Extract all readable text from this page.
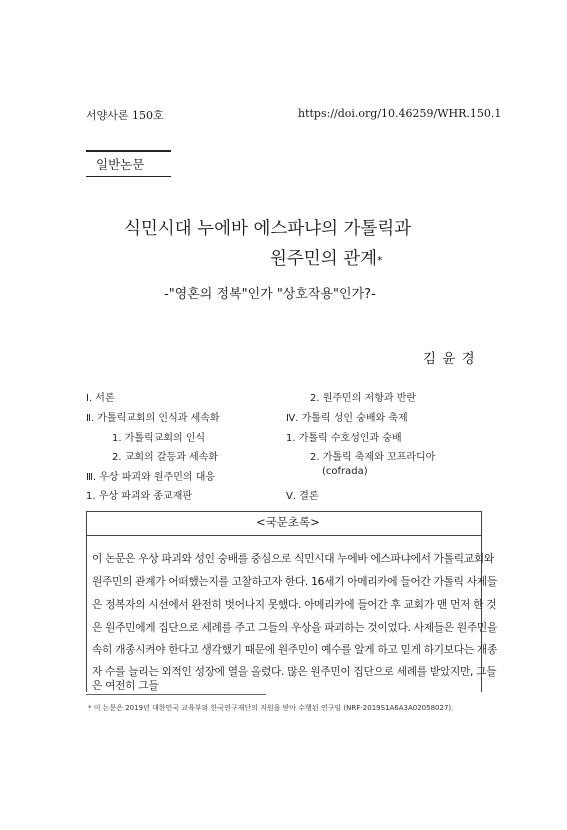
서양사론 150호	https://doi.org/10.46259/WHR.150.1
일반논문
식민시대 누에바 에스파냐의 가톨릭과
원주민의 관계*
-"영혼의 정복"인가 "상호작용"인가?-
김 윤 경
Ⅰ. 서론
Ⅱ. 가톨릭교회의 인식과 세속화
1. 가톨릭교회의 인식
2. 교회의 갈등과 세속화
Ⅲ. 우상 파괴와 원주민의 대응
1. 우상 파괴와 종교재판
2. 원주민의 저항과 반란
Ⅳ. 가톨릭 성인 숭배와 축제
1. 가톨릭 수호성인과 숭배
2. 가톨릭 축제와 꼬프라디아
(cofrada)
Ⅴ. 결론
<국문초록>
이 논문은 우상 파괴와 성인 숭배를 중심으로 식민시대 누에바 에스파냐에서 가톨릭교회와
원주민의 관계가 어떠했는지를 고찰하고자 한다. 16세기 아메리카에 들어간 가톨릭 사제들
은 정복자의 시선에서 완전히 벗어나지 못했다. 아메리카에 들어간 후 교회가 맨 먼저 한 것
은 원주민에게 집단으로 세례를 주고 그들의 우상을 파괴하는 것이었다. 사제들은 원주민을
속히 개종시켜야 한다고 생각했기 때문에 원주민이 예수를 알게 하고 믿게 하기보다는 개종
자 수를 늘리는 외적인 성장에 열을 올렸다. 많은 원주민이 집단으로 세례를 받았지만, 그들
은 여전히 그들
* 이 논문은 2019년 대한민국 교육부와 한국연구재단의 지원을 받아 수행된 연구임 (NRF-2019S1A6A3A02058027).
